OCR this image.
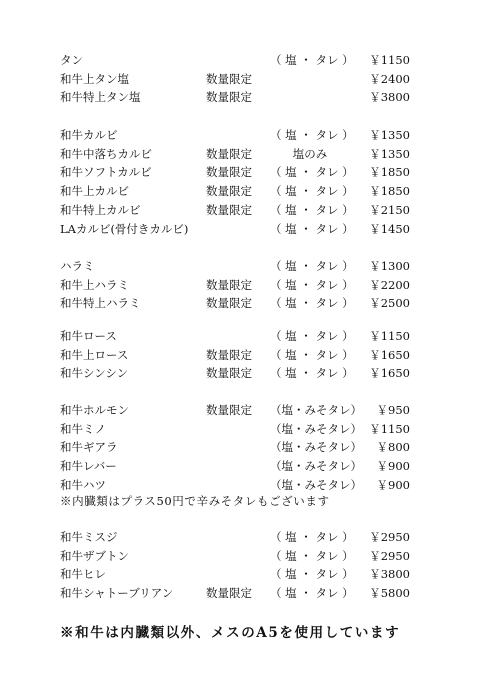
※内臓類はプラス50円で辛みそタレもございます
※和牛は内臓類以外、メスのA5を使用しています
タン	（ 塩 ・ タレ ） ￥1150
和牛上タン塩	数量限定	￥2400
和牛特上タン塩	数量限定	￥3800
和牛カルビ	（ 塩 ・ タレ ） ￥1350
和牛中落ちカルビ	数量限定	塩のみ	￥1350
和牛ソフトカルビ	数量限定 （ 塩 ・ タレ ） ￥1850
和牛上カルビ	数量限定 （ 塩 ・ タレ ） ￥1850
和牛特上カルビ	数量限定 （ 塩 ・ タレ ） ￥2150
LAカルビ(骨付きカルビ)	（ 塩 ・ タレ ） ￥1450
ハラミ	（ 塩 ・ タレ ） ￥1300
和牛上ハラミ	数量限定 （ 塩 ・ タレ ） ￥2200
和牛特上ハラミ	数量限定 （ 塩 ・ タレ ） ￥2500
和牛ロース	（ 塩 ・ タレ ） ￥1150
和牛上ロース	数量限定 （ 塩 ・ タレ ） ￥1650
和牛シンシン	数量限定 （ 塩 ・ タレ ） ￥1650
和牛ホルモン	数量限定 （塩・みそタレ） ￥950
和牛ミノ	（塩・みそタレ） ￥1150
和牛ギアラ	（塩・みそタレ） ￥800
和牛レバー	（塩・みそタレ） ￥900
和牛ハツ	（塩・みそタレ） ￥900
和牛ミスジ	（ 塩 ・ タレ ） ￥2950
和牛ザブトン	（ 塩 ・ タレ ） ￥2950
和牛ヒレ	（ 塩 ・ タレ ） ￥3800
和牛シャトーブリアン	数量限定 （ 塩 ・ タレ ） ￥5800
